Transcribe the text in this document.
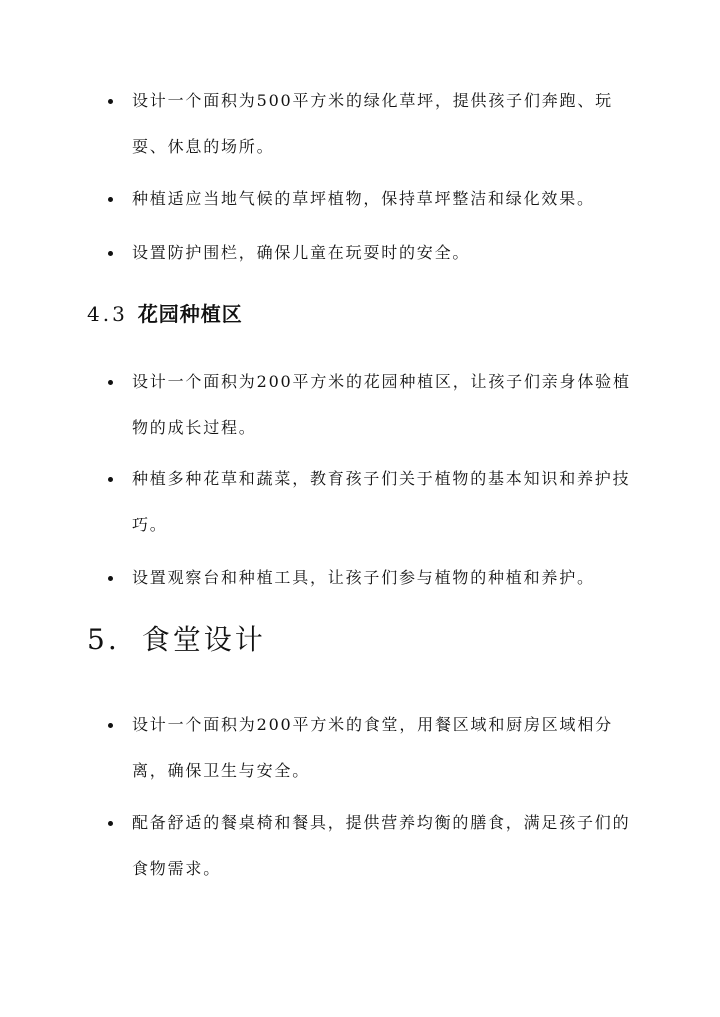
设计一个面积为500平方米的绿化草坪，提供孩子们奔跑、玩耍、休息的场所。
种植适应当地气候的草坪植物，保持草坪整洁和绿化效果。
设置防护围栏，确保儿童在玩耍时的安全。
4.3 花园种植区
设计一个面积为200平方米的花园种植区，让孩子们亲身体验植物的成长过程。
种植多种花草和蔬菜，教育孩子们关于植物的基本知识和养护技巧。
设置观察台和种植工具，让孩子们参与植物的种植和养护。
5. 食堂设计
设计一个面积为200平方米的食堂，用餐区域和厨房区域相分离，确保卫生与安全。
配备舒适的餐桌椅和餐具，提供营养均衡的膳食，满足孩子们的食物需求。
